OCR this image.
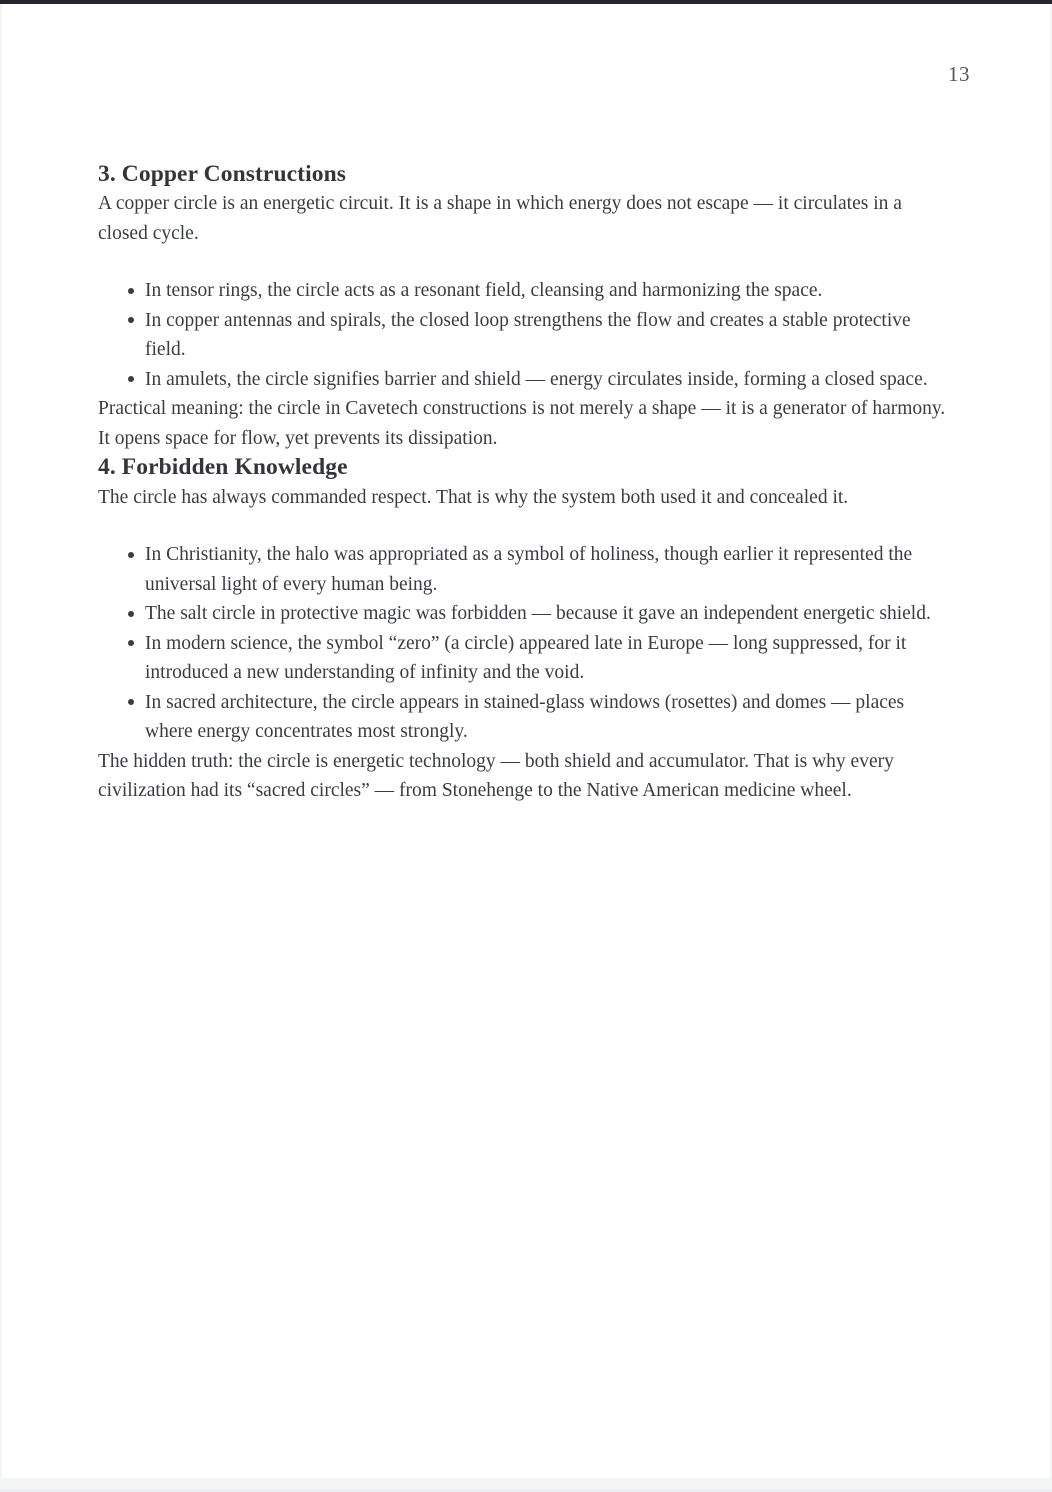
13
3. Copper Constructions

A copper circle is an energetic circuit. It is a shape in which energy does not escape — it circulates in a closed cycle.

In tensor rings, the circle acts as a resonant field, cleansing and harmonizing the space.
In copper antennas and spirals, the closed loop strengthens the flow and creates a stable protective field.
In amulets, the circle signifies barrier and shield — energy circulates inside, forming a closed space.

Practical meaning: the circle in Cavetech constructions is not merely a shape — it is a generator of harmony. It opens space for flow, yet prevents its dissipation.

4. Forbidden Knowledge

The circle has always commanded respect. That is why the system both used it and concealed it.

In Christianity, the halo was appropriated as a symbol of holiness, though earlier it represented the universal light of every human being.
The salt circle in protective magic was forbidden — because it gave an independent energetic shield.
In modern science, the symbol “zero” (a circle) appeared late in Europe — long suppressed, for it introduced a new understanding of infinity and the void.
In sacred architecture, the circle appears in stained-glass windows (rosettes) and domes — places where energy concentrates most strongly.

The hidden truth: the circle is energetic technology — both shield and accumulator. That is why every civilization had its “sacred circles” — from Stonehenge to the Native American medicine wheel.
